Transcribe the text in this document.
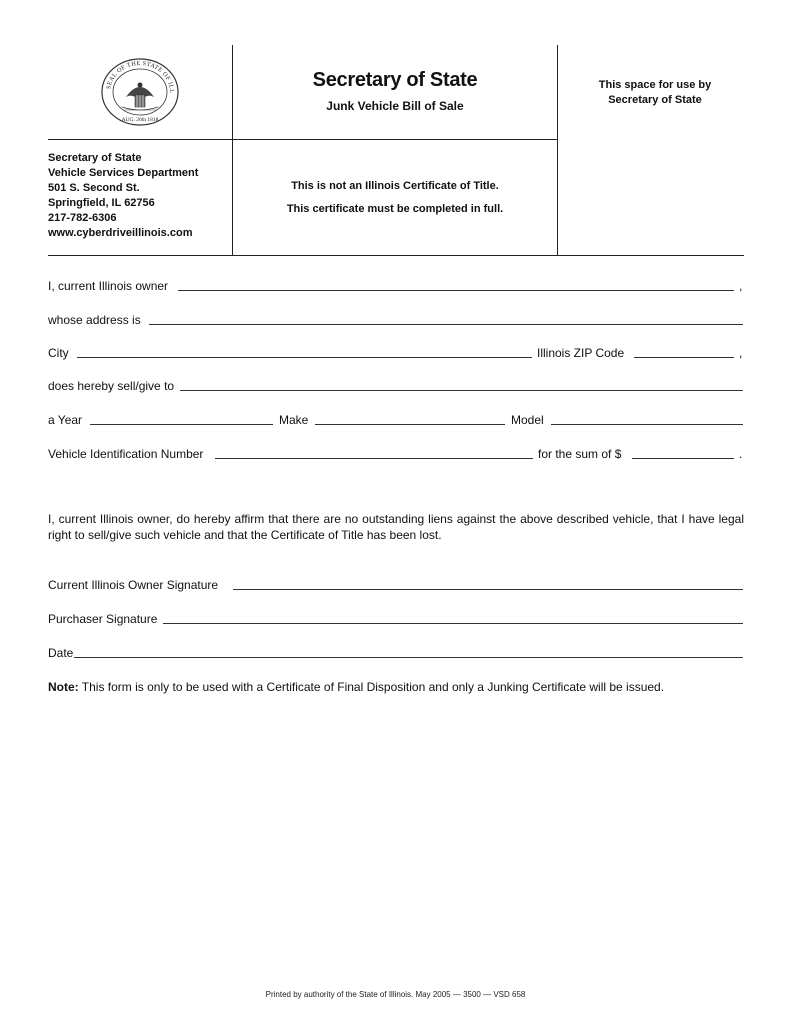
SEAL OF THE STATE OF ILL
AUG. 26th 1818
Secretary of State
Junk Vehicle Bill of Sale
This space for use by Secretary of State
Secretary of State
Vehicle Services Department
501 S. Second St.
Springfield, IL 62756
217-782-6306
www.cyberdriveillinois.com
This is not an Illinois Certificate of Title.
This certificate must be completed in full.
I, current Illinois owner	,
whose address is
City	Illinois ZIP Code	,
does hereby sell/give to
a Year	Make	Model
Vehicle Identification Number	for the sum of $	.
I, current Illinois owner, do hereby affirm that there are no outstanding liens against the above described vehicle, that I have legal right to sell/give such vehicle and that the Certificate of Title has been lost.
Current Illinois Owner Signature
Purchaser Signature
Date
Note: This form is only to be used with a Certificate of Final Disposition and only a Junking Certificate will be issued.
Printed by authority of the State of Illinois. May 2005 — 3500 — VSD 658
